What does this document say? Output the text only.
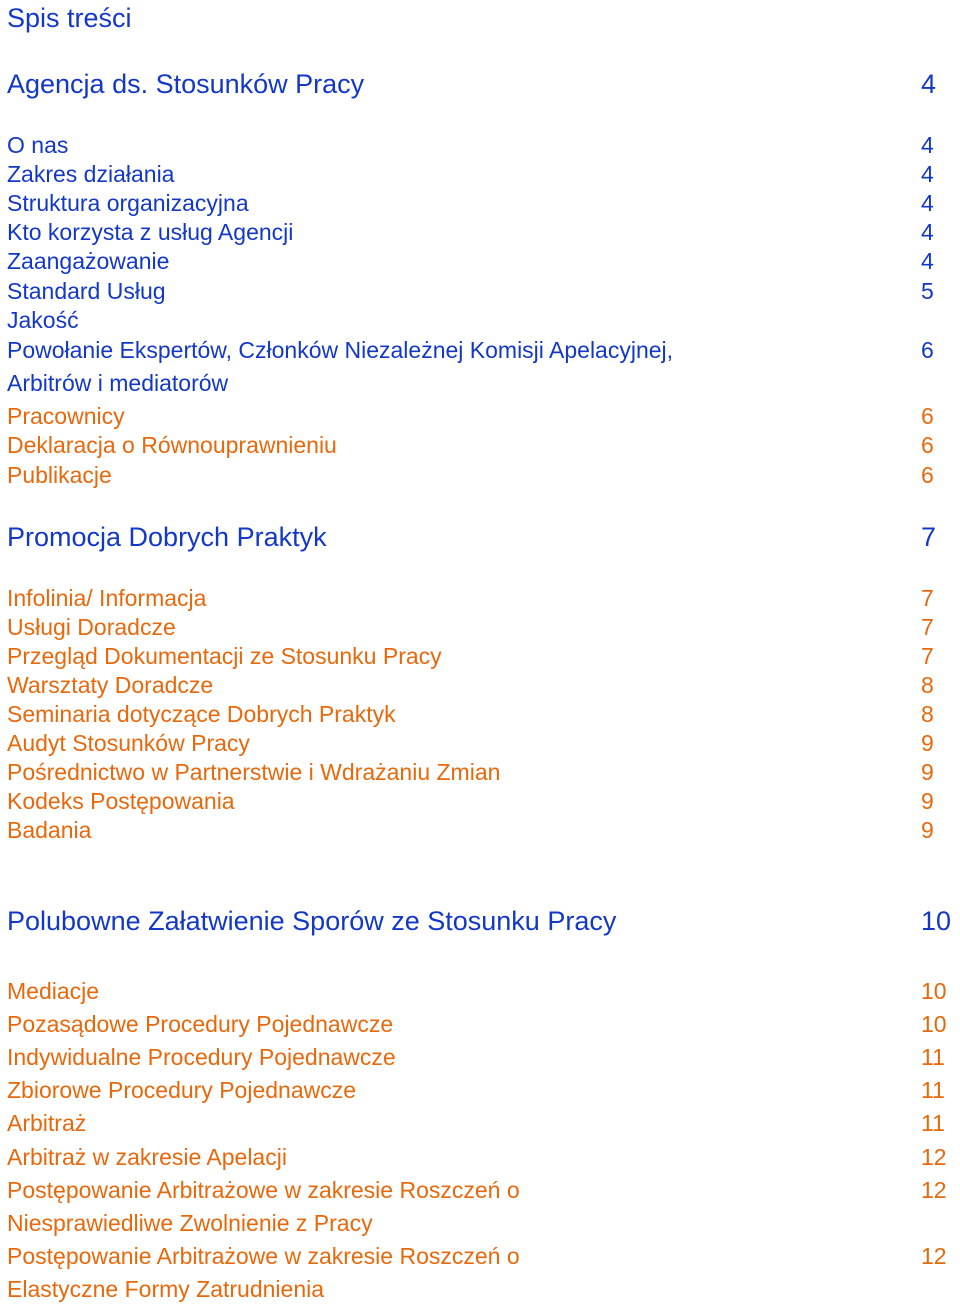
Spis treści
Agencja ds. Stosunków Pracy	4
O nas	4
Zakres działania	4
Struktura organizacyjna	4
Kto korzysta z usług Agencji	4
Zaangażowanie	4
Standard Usług	5
Jakość
Powołanie Ekspertów, Członków Niezależnej Komisji Apelacyjnej,	6
Arbitrów i mediatorów
Pracownicy	6
Deklaracja o Równouprawnieniu	6
Publikacje	6
Promocja Dobrych Praktyk	7
Infolinia/ Informacja	7
Usługi Doradcze	7
Przegląd Dokumentacji ze Stosunku Pracy	7
Warsztaty Doradcze	8
Seminaria dotyczące Dobrych Praktyk	8
Audyt Stosunków Pracy	9
Pośrednictwo w Partnerstwie i Wdrażaniu Zmian	9
Kodeks Postępowania	9
Badania	9
Polubowne Załatwienie Sporów ze Stosunku Pracy	10
Mediacje	10
Pozasądowe Procedury Pojednawcze	10
Indywidualne Procedury Pojednawcze	11
Zbiorowe Procedury Pojednawcze	11
Arbitraż	11
Arbitraż w zakresie Apelacji	12
Postępowanie Arbitrażowe w zakresie Roszczeń o	12
Niesprawiedliwe Zwolnienie z Pracy
Postępowanie Arbitrażowe w zakresie Roszczeń o	12
Elastyczne Formy Zatrudnienia
